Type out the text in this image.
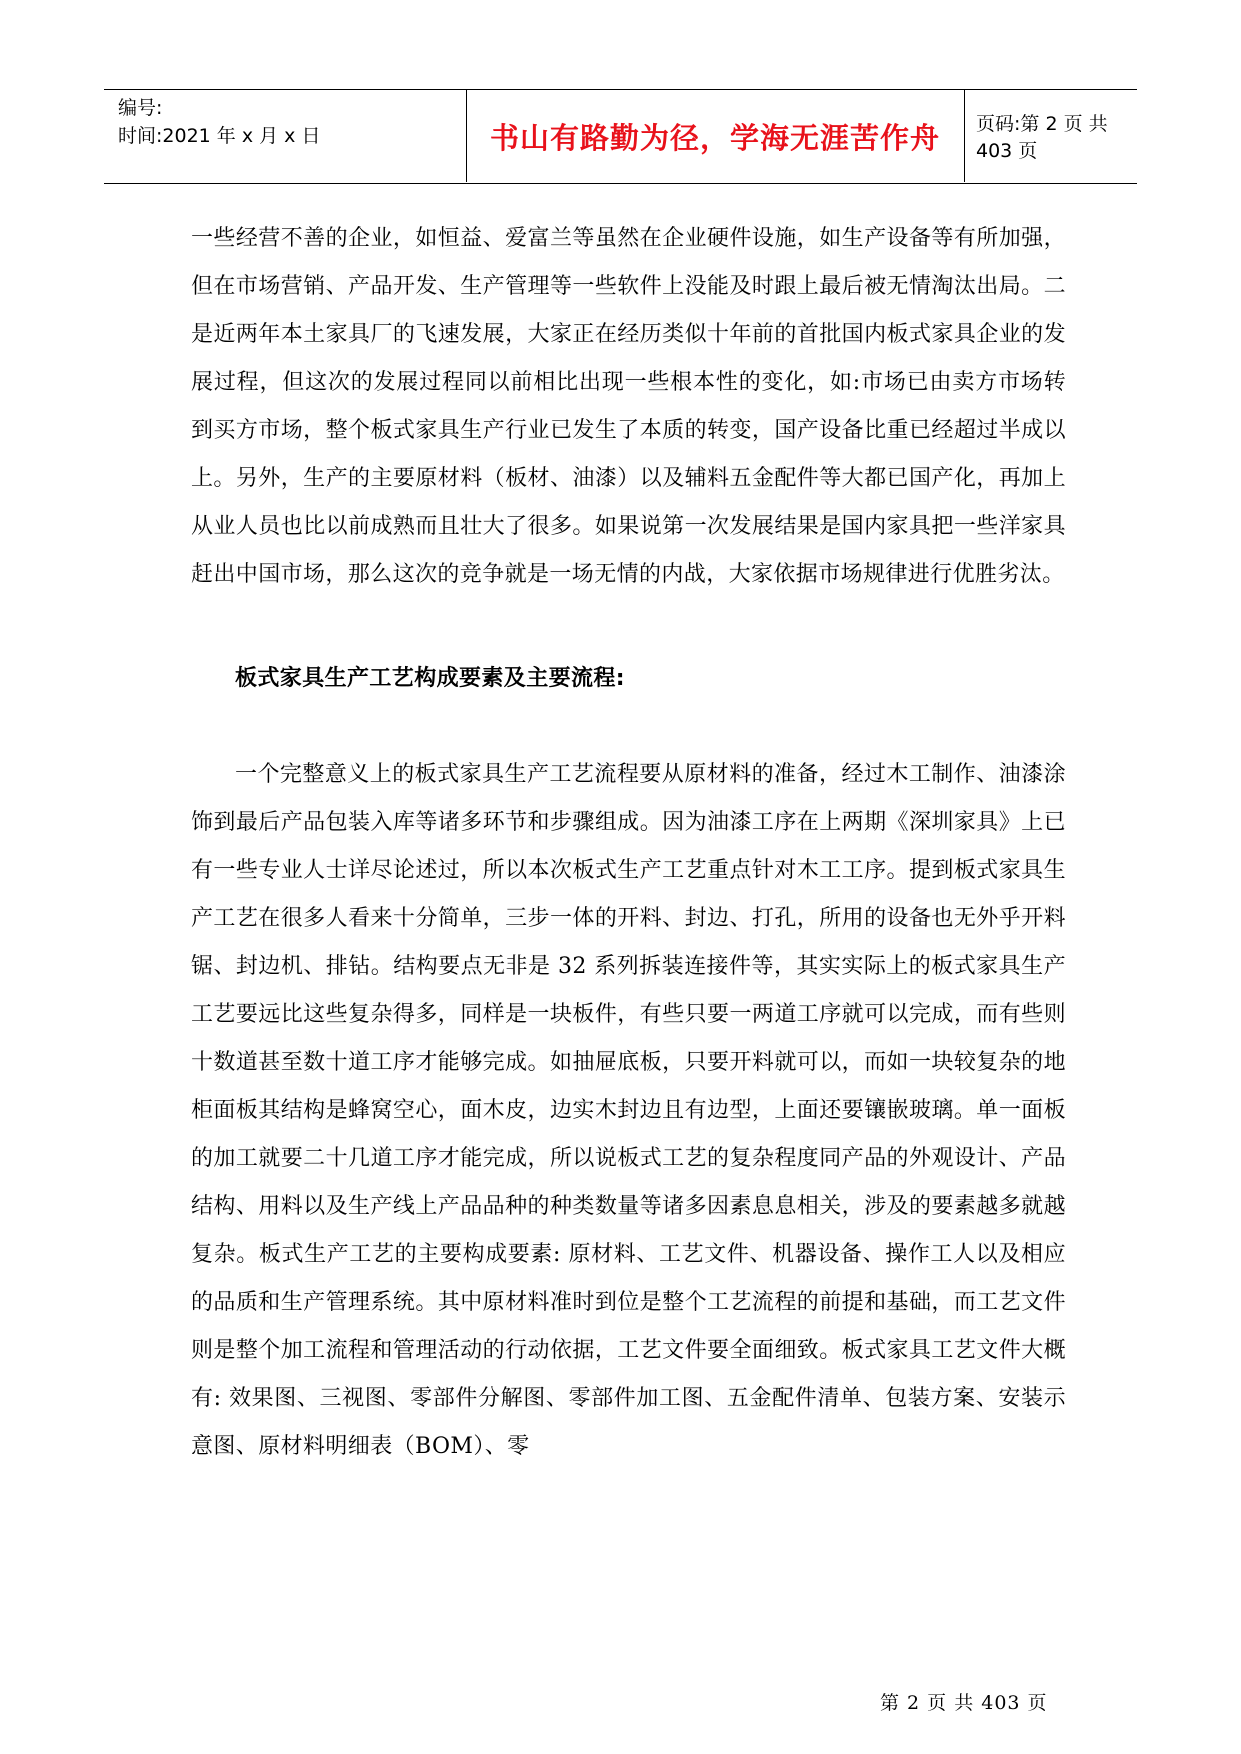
编号:
时间:2021 年 x 月 x 日	书山有路勤为径，学海无涯苦作舟	页码:第 2 页 共 403 页

一些经营不善的企业，如恒益、爱富兰等虽然在企业硬件设施，如生产设备等有所加强，但在市场营销、产品开发、生产管理等一些软件上没能及时跟上最后被无情淘汰出局。二是近两年本土家具厂的飞速发展，大家正在经历类似十年前的首批国内板式家具企业的发展过程，但这次的发展过程同以前相比出现一些根本性的变化，如:市场已由卖方市场转到买方市场，整个板式家具生产行业已发生了本质的转变，国产设备比重已经超过半成以上。另外，生产的主要原材料（板材、油漆）以及辅料五金配件等大都已国产化，再加上从业人员也比以前成熟而且壮大了很多。如果说第一次发展结果是国内家具把一些洋家具赶出中国市场，那么这次的竞争就是一场无情的内战，大家依据市场规律进行优胜劣汰。

板式家具生产工艺构成要素及主要流程:

一个完整意义上的板式家具生产工艺流程要从原材料的准备，经过木工制作、油漆涂饰到最后产品包装入库等诸多环节和步骤组成。因为油漆工序在上两期《深圳家具》上已有一些专业人士详尽论述过，所以本次板式生产工艺重点针对木工工序。提到板式家具生产工艺在很多人看来十分简单，三步一体的开料、封边、打孔，所用的设备也无外乎开料锯、封边机、排钻。结构要点无非是 32 系列拆装连接件等，其实实际上的板式家具生产工艺要远比这些复杂得多，同样是一块板件，有些只要一两道工序就可以完成，而有些则十数道甚至数十道工序才能够完成。如抽屉底板，只要开料就可以，而如一块较复杂的地柜面板其结构是蜂窝空心，面木皮，边实木封边且有边型，上面还要镶嵌玻璃。单一面板的加工就要二十几道工序才能完成，所以说板式工艺的复杂程度同产品的外观设计、产品结构、用料以及生产线上产品品种的种类数量等诸多因素息息相关，涉及的要素越多就越复杂。板式生产工艺的主要构成要素: 原材料、工艺文件、机器设备、操作工人以及相应的品质和生产管理系统。其中原材料准时到位是整个工艺流程的前提和基础，而工艺文件则是整个加工流程和管理活动的行动依据，工艺文件要全面细致。板式家具工艺文件大概有: 效果图、三视图、零部件分解图、零部件加工图、五金配件清单、包装方案、安装示意图、原材料明细表（BOM）、零

第 2 页 共 403 页
